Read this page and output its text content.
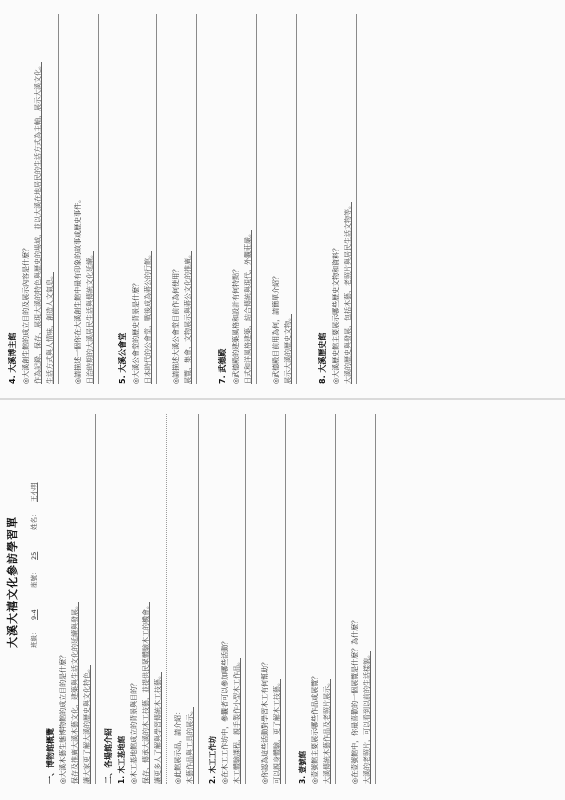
4. 大溪博主館 ◎大溪創生館的成立目的及展示內容是什麼？ 作為記錄、保存、展現大溪的特色與歷史的場域，並以大溪在地居民的生活方式為主軸，展示大溪文化。 生活方式與人情味，創造人文氣息。	◎請描述一個你在大溪創生館中最有印象的故事或歷史事件。 日治時期的大溪居民生活與傳統文化延續。	5. 大溪公會堂 ◎大溪公會堂的歷史背景是什麼？ 日本時代的公會堂，戰後成為蔣公的行館。	◎請描述大溪公會堂目前作為何使用？ 展覽、集會、文物展示與蔣公文化的推廣。	7. 武德殿 ◎武德殿的建築風格和設計有何特點？ 日式和洋風格建築，結合傳統與現代，外觀莊嚴。	◎武德殿目前用為何，請簡單介紹？ 展示大溪的歷史文物。	8. 大溪歷史館 ◎大溪歷史館主要展示哪些歷史文物和資料？ 大溪的歷史與發展，包括木藝、老照片與居民生活文物等。
大溪大禧文化參訪學習單 班級：
9-4
座號：
25
姓名：
王小明
一、博物館概覽 ◎大溪木藝生態博物館的成立目的是什麼？ 保存及推廣大溪木藝文化、建築與生活文化的延續與發展。 讓大家更了解大溪的歷史與文化特色。 二、各場館介紹 1. 木工基地館 ◎木工基地館成立的背景與目的？ 保存、傳承大溪的木工技藝，並提供民眾體驗木工的機會。 讓更多人了解與學習傳統木工技藝。 ◎此館展示品，請介紹： 木藝作品與工具的展示。 2. 木工工作坊 ◎在木工工作坊中，參觀者可以參加哪些活動？ 木工體驗課程，親手製作小型木工作品。	◎你認為這些活動對學習木工有何幫助？ 可以親身體驗，更了解木工技藝。 3. 壹號館 ◎壹號館主要展示哪些作品或展覽？ 大溪傳統木藝作品及老照片展示。	◎在壹號館中，你最喜歡的一個展覽是什麼？為什麼？ 大溪的老照片，可以看到以前的生活樣貌。
